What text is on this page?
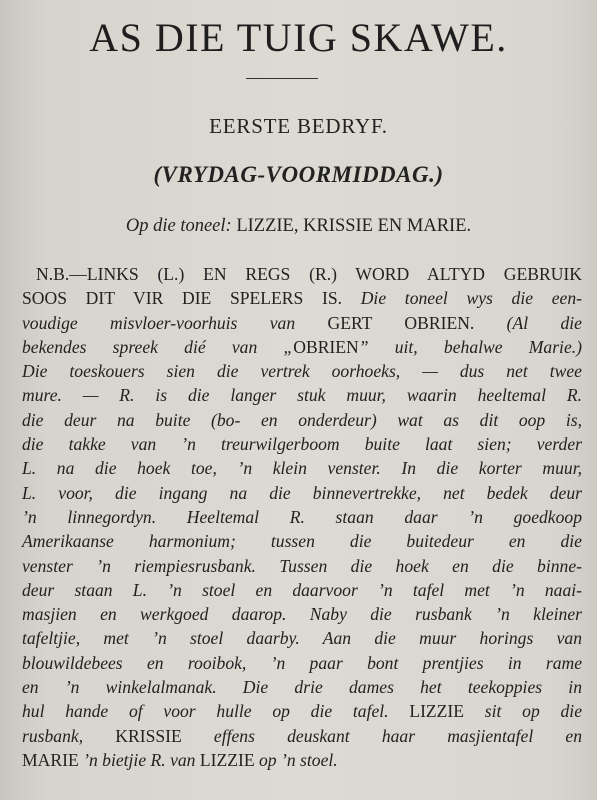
AS DIE TUIG SKAWE.
EERSTE BEDRYF.
(VRYDAG-VOORMIDDAG.)

Op die toneel: LIZZIE, KRISSIE EN MARIE.

N.B.—LINKS (L.) EN REGS (R.) WORD ALTYD GEBRUIK
SOOS DIT VIR DIE SPELERS IS. Die toneel wys die een-
voudige misvloer-voorhuis van GERT OBRIEN. (Al die
bekendes spreek dié van „OBRIEN” uit, behalwe Marie.)
Die toeskouers sien die vertrek oorhoeks, — dus net twee
mure. — R. is die langer stuk muur, waarin heeltemal R.
die deur na buite (bo- en onderdeur) wat as dit oop is,
die takke van ’n treurwilgerboom buite laat sien; verder
L. na die hoek toe, ’n klein venster. In die korter muur,
L. voor, die ingang na die binnevertrekke, net bedek deur
’n linnegordyn. Heeltemal R. staan daar ’n goedkoop
Amerikaanse harmonium; tussen die buitedeur en die
venster ’n riempiesrusbank. Tussen die hoek en die binne-
deur staan L. ’n stoel en daarvoor ’n tafel met ’n naai-
masjien en werkgoed daarop. Naby die rusbank ’n kleiner
tafeltjie, met ’n stoel daarby. Aan die muur horings van
blouwildebees en rooibok, ’n paar bont prentjies in rame
en ’n winkelalmanak. Die drie dames het teekoppies in
hul hande of voor hulle op die tafel. LIZZIE sit op die
rusbank, KRISSIE effens deuskant haar masjientafel en
MARIE ’n bietjie R. van LIZZIE op ’n stoel.
